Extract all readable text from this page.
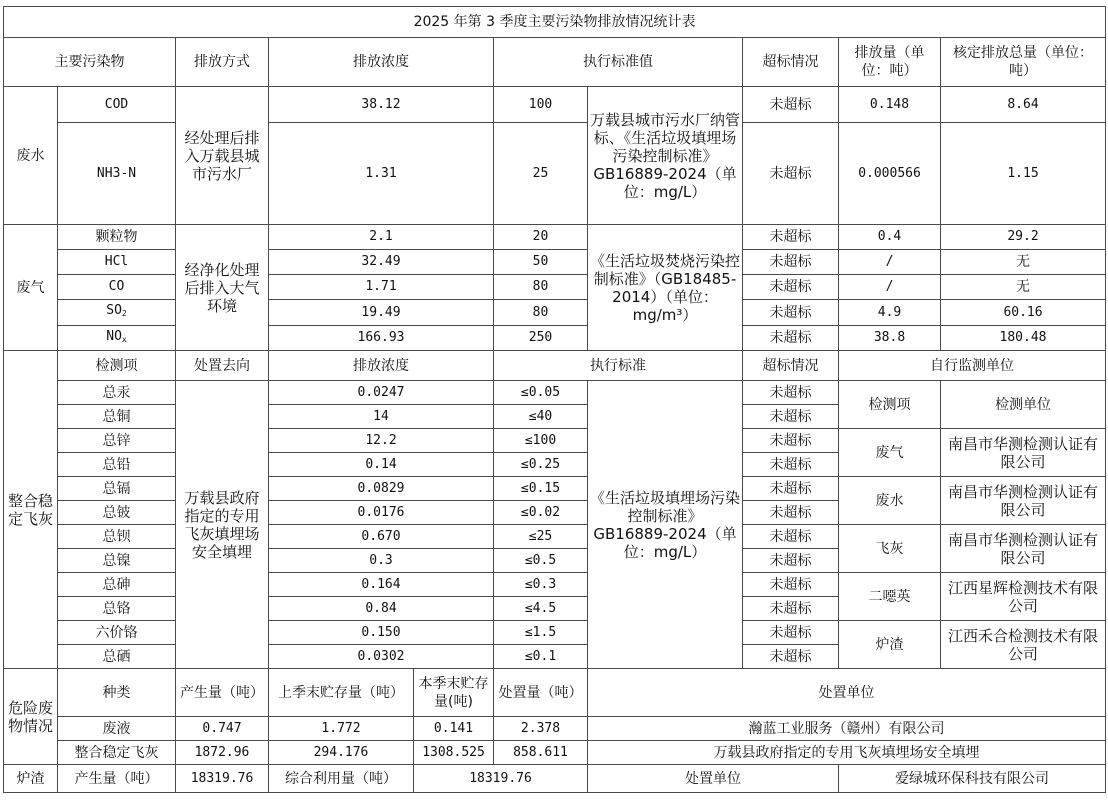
2025 年第 3 季度主要污染物排放情况统计表									
主要污染物		排放方式	排放浓度		执行标准值		超标情况	排放量（单位：吨）	核定排放总量（单位：吨）
废水	COD	经处理后排入万载县城市污水厂	38.12		100	万载县城市污水厂纳管标、《生活垃圾填埋场污染控制标准》GB16889-2024（单位：mg/L）	未超标	0.148	8.64
	NH3-N		1.31		25		未超标	0.000566	1.15
废气	颗粒物	经净化处理后排入大气环境	2.1		20	《生活垃圾焚烧污染控制标准》（GB18485-2014）（单位：mg/m³）	未超标	0.4	29.2
	HCl		32.49		50		未超标	/	无
	CO		1.71		80		未超标	/	无
	$SO_2$		19.49		80		未超标	4.9	60.16
	$NO_x$		166.93		250		未超标	38.8	180.48
整合稳定飞灰	检测项	处置去向	排放浓度		执行标准		超标情况	自行监测单位	
	总汞	万载县政府指定的专用飞灰填埋场安全填埋	0.0247		≤0.05	《生活垃圾填埋场污染控制标准》GB16889-2024（单位：mg/L）	未超标	检测项	检测单位
	总铜		14		≤40		未超标		
	总锌		12.2		≤100		未超标	废气	南昌市华测检测认证有限公司
	总铅		0.14		≤0.25		未超标		
	总镉		0.0829		≤0.15		未超标	废水	南昌市华测检测认证有限公司
	总铍		0.0176		≤0.02		未超标		
	总钡		0.670		≤25		未超标	飞灰	南昌市华测检测认证有限公司
	总镍		0.3		≤0.5		未超标		
	总砷		0.164		≤0.3		未超标	二噁英	江西星辉检测技术有限公司
	总铬		0.84		≤4.5		未超标		
	六价铬		0.150		≤1.5		未超标	炉渣	江西禾合检测技术有限公司
	总硒		0.0302		≤0.1		未超标		
危险废物情况	种类	产生量（吨）	上季末贮存量（吨）	本季末贮存量(吨)	处置量（吨）	处置单位			
	废液	0.747	1.772	0.141	2.378	瀚蓝工业服务（赣州）有限公司			
	整合稳定飞灰	1872.96	294.176	1308.525	858.611	万载县政府指定的专用飞灰填埋场安全填埋			
炉渣	产生量（吨）	18319.76	综合利用量（吨）	18319.76		处置单位		爱绿城环保科技有限公司	
